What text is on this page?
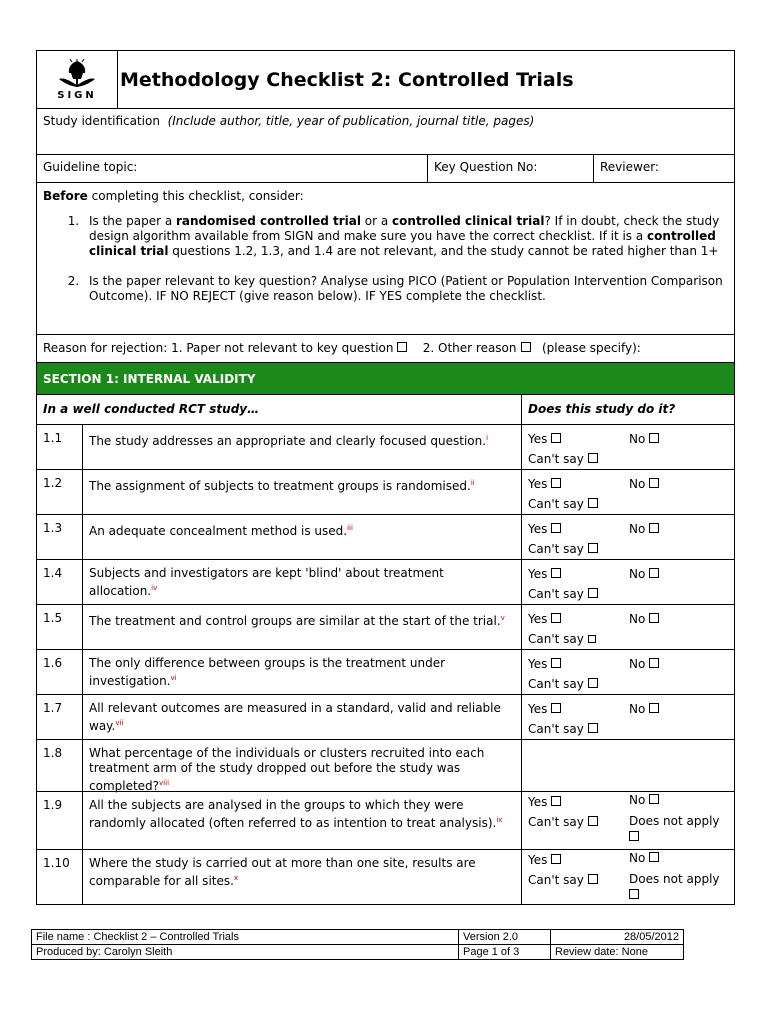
SIGN
Methodology Checklist 2: Controlled Trials
Study identification (Include author, title, year of publication, journal title, pages)
Guideline topic:	Key Question No:	Reviewer:
Before completing this checklist, consider:
1. Is the paper a randomised controlled trial or a controlled clinical trial? If in doubt, check the study design algorithm available from SIGN and make sure you have the correct checklist. If it is a controlled clinical trial questions 1.2, 1.3, and 1.4 are not relevant, and the study cannot be rated higher than 1+
2. Is the paper relevant to key question? Analyse using PICO (Patient or Population Intervention Comparison Outcome). IF NO REJECT (give reason below). IF YES complete the checklist.
Reason for rejection: 1. Paper not relevant to key question 2. Other reason (please specify):
SECTION 1: INTERNAL VALIDITY
In a well conducted RCT study…	Does this study do it?
1.1	The study addresses an appropriate and clearly focused question.$^i$	Yes
Can't say
No
1.2	The assignment of subjects to treatment groups is randomised.$^{ii}$	Yes
Can't say
No
1.3	An adequate concealment method is used.$^{iii}$	Yes
Can't say
No
1.4	Subjects and investigators are kept 'blind' about treatment allocation.$^{iv}$
Yes
Can't say
No
1.5	The treatment and control groups are similar at the start of the trial.$^v$	Yes
Can't say
No
1.6	The only difference between groups is the treatment under investigation.$^{vi}$
Yes
Can't say
No
1.7	All relevant outcomes are measured in a standard, valid and reliable way.$^{vii}$
Yes
Can't say
No
1.8	What percentage of the individuals or clusters recruited into each treatment arm of the study dropped out before the study was completed?$^{viii}$
1.9	All the subjects are analysed in the groups to which they were randomly allocated (often referred to as intention to treat analysis).$^{ix}$
Yes
Can't say
No
Does not apply

1.10	Where the study is carried out at more than one site, results are comparable for all sites.$^x$
Yes
Can't say
No
Does not apply

File name : Checklist 2 – Controlled Trials	Version 2.0	28/05/2012
Produced by: Carolyn Sleith	Page 1 of 3	Review date: None
